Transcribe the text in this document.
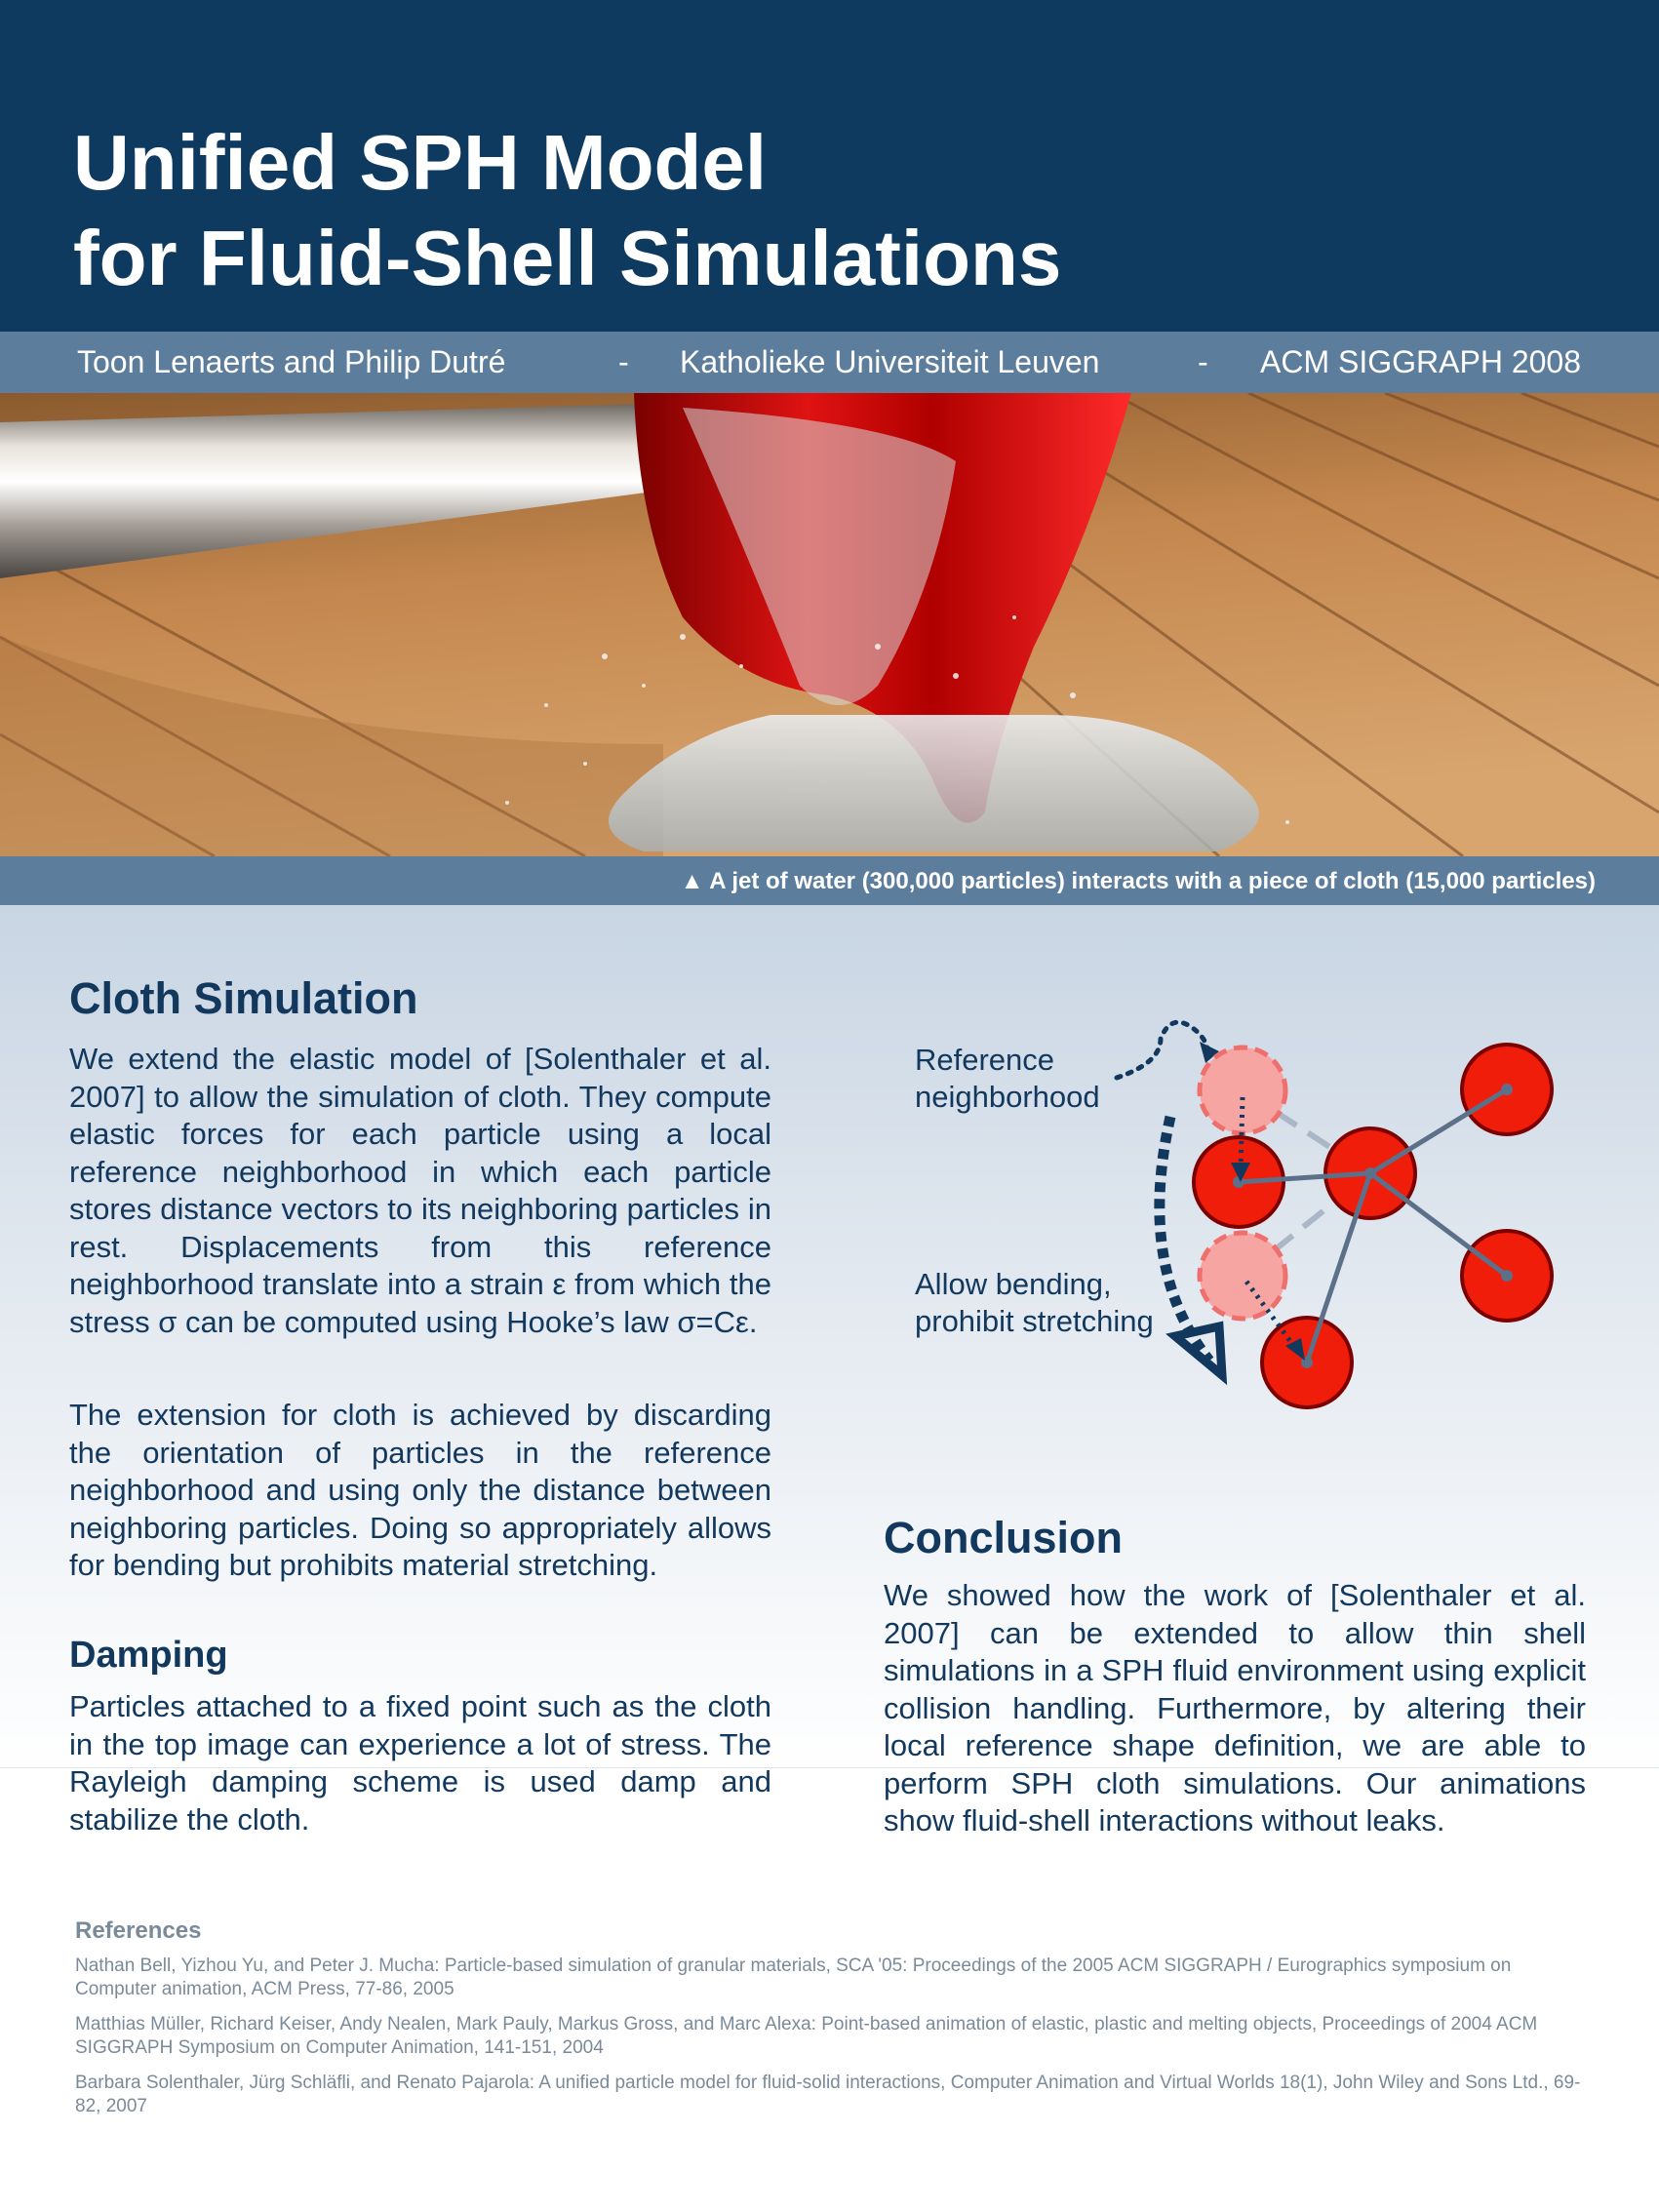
Unified SPH Model
for Fluid-Shell Simulations
Toon Lenaerts and Philip Dutré	- Katholieke Universiteit Leuven	- ACM SIGGRAPH 2008
▲ A jet of water (300,000 particles) interacts with a piece of cloth (15,000 particles)
Cloth Simulation

We extend the elastic model of [Solenthaler et al. 2007] to allow the simulation of cloth. They compute elastic forces for each particle using a local reference neighborhood in which each particle stores distance vectors to its neighboring particles in rest. Displacements from this reference neighborhood translate into a strain ε from which the stress σ can be computed using Hooke’s law σ=Cε.

The extension for cloth is achieved by discarding the orientation of particles in the reference neighborhood and using only the distance between neighboring particles. Doing so appropriately allows for bending but prohibits material stretching.

Damping

Particles attached to a fixed point such as the cloth in the top image can experience a lot of stress. The Rayleigh damping scheme is used damp and stabilize the cloth.

Reference
neighborhood
Allow bending,
prohibit stretching
Conclusion

We showed how the work of [Solenthaler et al. 2007] can be extended to allow thin shell simulations in a SPH fluid environment using explicit collision handling. Furthermore, by altering their local reference shape definition, we are able to perform SPH cloth simulations. Our animations show fluid-shell interactions without leaks.

References

Nathan Bell, Yizhou Yu, and Peter J. Mucha: Particle-based simulation of granular materials, SCA '05: Proceedings of the 2005 ACM SIGGRAPH / Eurographics symposium on Computer animation, ACM Press, 77-86, 2005

Matthias Müller, Richard Keiser, Andy Nealen, Mark Pauly, Markus Gross, and Marc Alexa: Point-based animation of elastic, plastic and melting objects, Proceedings of 2004 ACM SIGGRAPH Symposium on Computer Animation, 141-151, 2004

Barbara Solenthaler, Jürg Schläfli, and Renato Pajarola: A unified particle model for fluid-solid interactions, Computer Animation and Virtual Worlds 18(1), John Wiley and Sons Ltd., 69-82, 2007
